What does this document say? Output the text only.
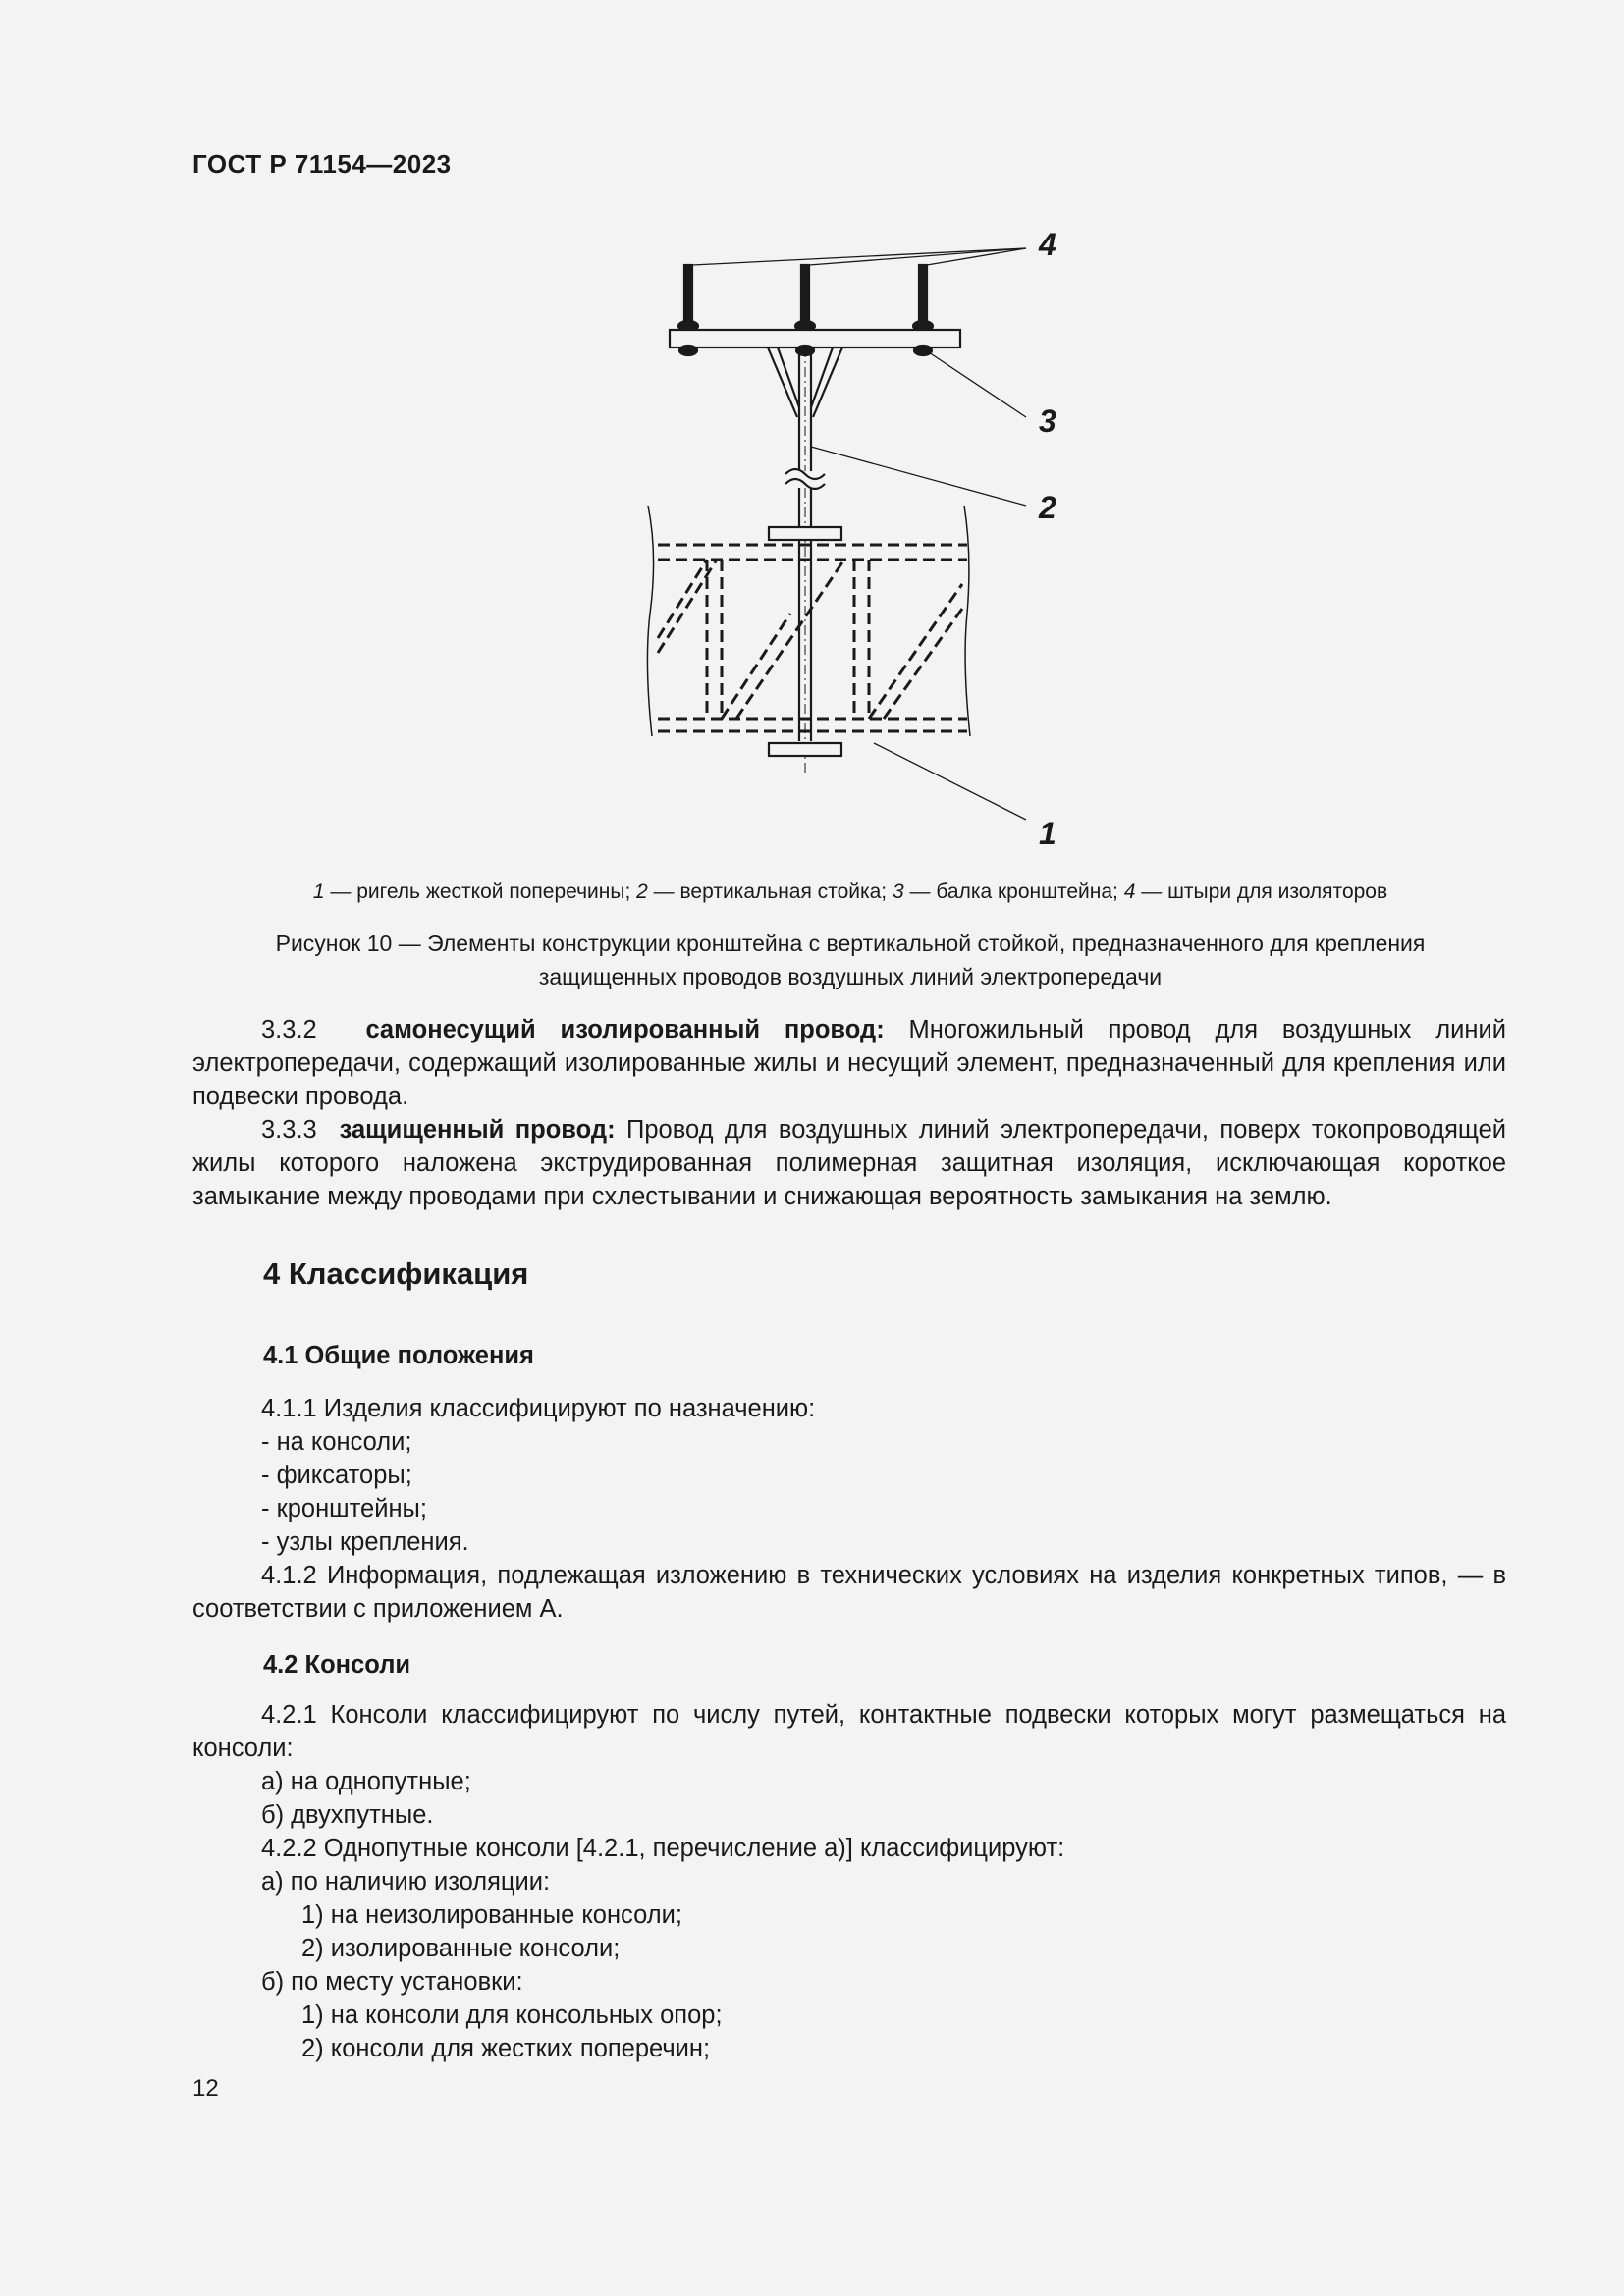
ГОСТ Р 71154—2023
4
3
2
1
1 — ригель жесткой поперечины; 2 — вертикальная стойка; 3 — балка кронштейна; 4 — штыри для изоляторов
Рисунок 10 — Элементы конструкции кронштейна с вертикальной стойкой, предназначенного для крепления
защищенных проводов воздушных линий электропередачи

3.3.2 самонесущий изолированный провод: Многожильный провод для воздушных линий электропередачи, содержащий изолированные жилы и несущий элемент, предназначенный для крепления или подвески провода.

3.3.3 защищенный провод: Провод для воздушных линий электропередачи, поверх токопроводящей жилы которого наложена экструдированная полимерная защитная изоляция, исключающая короткое замыкание между проводами при схлестывании и снижающая вероятность замыкания на землю.

4 Классификация
4.1 Общие положения
4.1.1 Изделия классифицируют по назначению:
- на консоли;
- фиксаторы;
- кронштейны;
- узлы крепления.

4.1.2 Информация, подлежащая изложению в технических условиях на изделия конкретных типов, — в соответствии с приложением А.

4.2 Консоли

4.2.1 Консоли классифицируют по числу путей, контактные подвески которых могут размещаться на консоли:

а) на однопутные;
б) двухпутные.
4.2.2 Однопутные консоли [4.2.1, перечисление а)] классифицируют:
а) по наличию изоляции:
1) на неизолированные консоли;
2) изолированные консоли;
б) по месту установки:
1) на консоли для консольных опор;
2) консоли для жестких поперечин;
12
